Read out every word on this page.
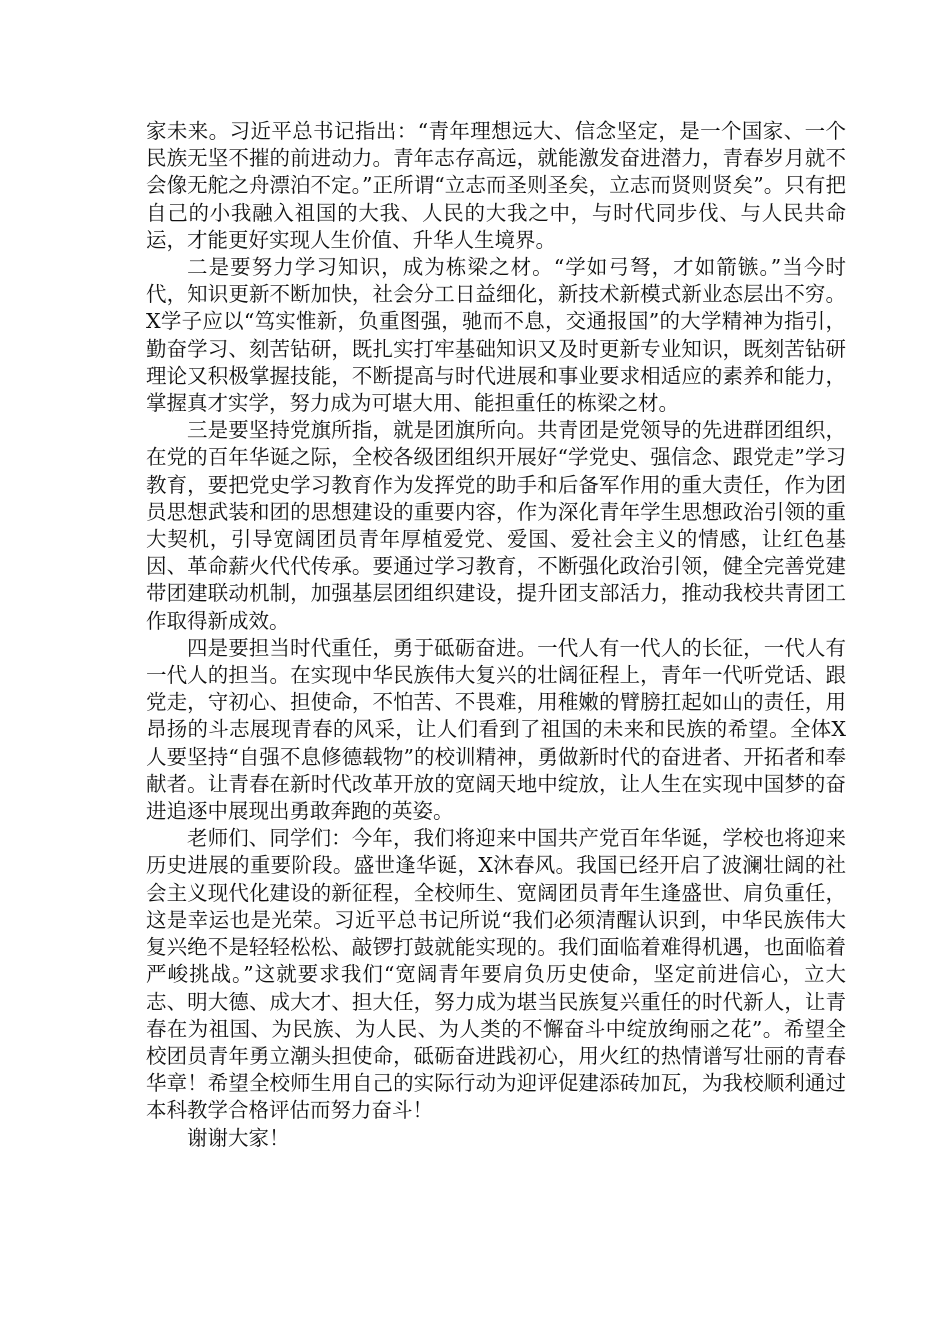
家未来。习近平总书记指出：“青年理想远大、信念坚定，是一个国家、一个民族无坚不摧的前进动力。青年志存高远，就能激发奋进潜力，青春岁月就不会像无舵之舟漂泊不定。”正所谓“立志而圣则圣矣，立志而贤则贤矣”。只有把自己的小我融入祖国的大我、人民的大我之中，与时代同步伐、与人民共命运，才能更好实现人生价值、升华人生境界。

二是要努力学习知识，成为栋梁之材。“学如弓弩，才如箭镞。”当今时代，知识更新不断加快，社会分工日益细化，新技术新模式新业态层出不穷。X学子应以“笃实惟新，负重图强，驰而不息，交通报国”的大学精神为指引，勤奋学习、刻苦钻研，既扎实打牢基础知识又及时更新专业知识，既刻苦钻研理论又积极掌握技能，不断提高与时代进展和事业要求相适应的素养和能力，掌握真才实学，努力成为可堪大用、能担重任的栋梁之材。

三是要坚持党旗所指，就是团旗所向。共青团是党领导的先进群团组织，在党的百年华诞之际，全校各级团组织开展好“学党史、强信念、跟党走”学习教育，要把党史学习教育作为发挥党的助手和后备军作用的重大责任，作为团员思想武装和团的思想建设的重要内容，作为深化青年学生思想政治引领的重大契机，引导宽阔团员青年厚植爱党、爱国、爱社会主义的情感，让红色基因、革命薪火代代传承。要通过学习教育，不断强化政治引领，健全完善党建带团建联动机制，加强基层团组织建设，提升团支部活力，推动我校共青团工作取得新成效。

四是要担当时代重任，勇于砥砺奋进。一代人有一代人的长征，一代人有一代人的担当。在实现中华民族伟大复兴的壮阔征程上，青年一代听党话、跟党走，守初心、担使命，不怕苦、不畏难，用稚嫩的臂膀扛起如山的责任，用昂扬的斗志展现青春的风采，让人们看到了祖国的未来和民族的希望。全体X人要坚持“自强不息修德载物”的校训精神，勇做新时代的奋进者、开拓者和奉献者。让青春在新时代改革开放的宽阔天地中绽放，让人生在实现中国梦的奋进追逐中展现出勇敢奔跑的英姿。

老师们、同学们：今年，我们将迎来中国共产党百年华诞，学校也将迎来历史进展的重要阶段。盛世逢华诞，X沐春风。我国已经开启了波澜壮阔的社会主义现代化建设的新征程，全校师生、宽阔团员青年生逢盛世、肩负重任，这是幸运也是光荣。习近平总书记所说“我们必须清醒认识到，中华民族伟大复兴绝不是轻轻松松、敲锣打鼓就能实现的。我们面临着难得机遇，也面临着严峻挑战。”这就要求我们“宽阔青年要肩负历史使命，坚定前进信心，立大志、明大德、成大才、担大任，努力成为堪当民族复兴重任的时代新人，让青春在为祖国、为民族、为人民、为人类的不懈奋斗中绽放绚丽之花”。希望全校团员青年勇立潮头担使命，砥砺奋进践初心，用火红的热情谱写壮丽的青春华章！希望全校师生用自己的实际行动为迎评促建添砖加瓦，为我校顺利通过本科教学合格评估而努力奋斗！

谢谢大家！
